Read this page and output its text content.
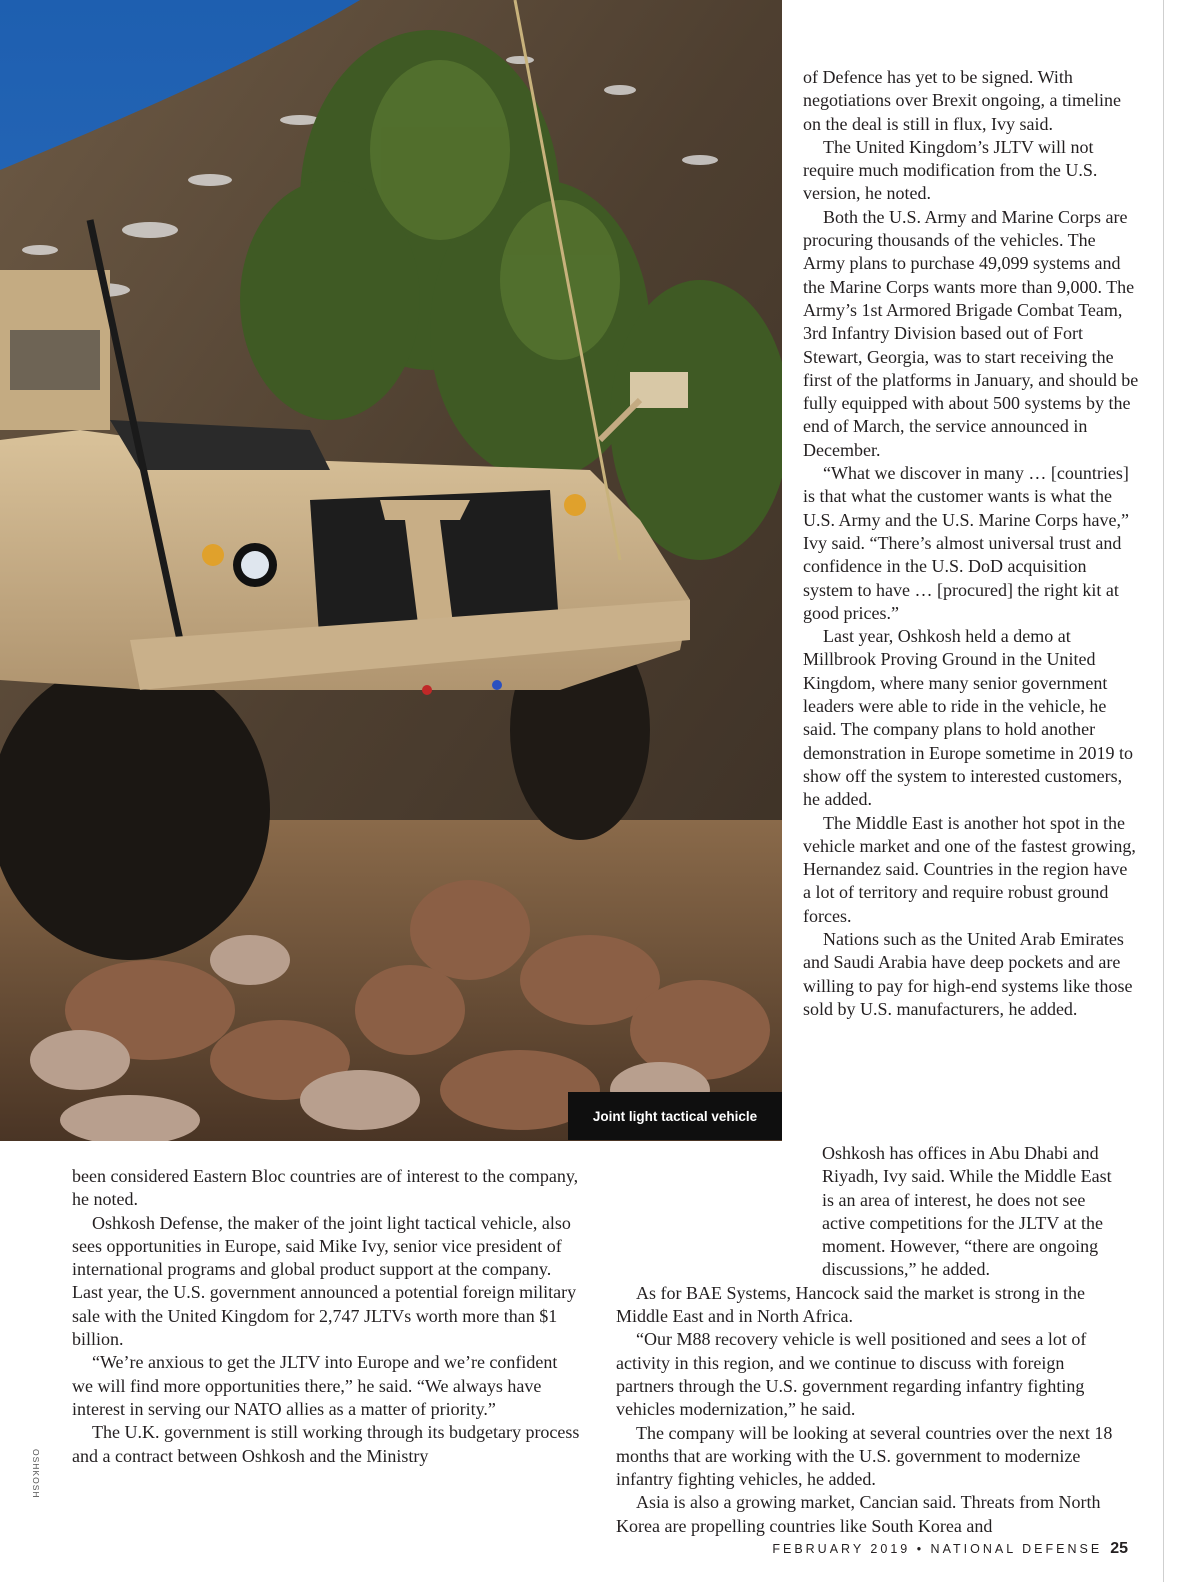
Joint light tactical vehicle
OSHKOSH

of Defence has yet to be signed. With negotiations over Brexit ongoing, a timeline on the deal is still in flux, Ivy said.

The United Kingdom’s JLTV will not require much modification from the U.S. version, he noted.

Both the U.S. Army and Marine Corps are procuring thousands of the vehicles. The Army plans to purchase 49,099 systems and the Marine Corps wants more than 9,000. The Army’s 1st Armored Brigade Combat Team, 3rd Infantry Division based out of Fort Stewart, Georgia, was to start receiving the first of the platforms in January, and should be fully equipped with about 500 systems by the end of March, the service announced in December.

“What we discover in many … [countries] is that what the customer wants is what the U.S. Army and the U.S. Marine Corps have,” Ivy said. “There’s almost universal trust and confidence in the U.S. DoD acquisition system to have … [procured] the right kit at good prices.”

Last year, Oshkosh held a demo at Millbrook Proving Ground in the United Kingdom, where many senior government leaders were able to ride in the vehicle, he said. The company plans to hold another demonstration in Europe sometime in 2019 to show off the system to interested customers, he added.

The Middle East is another hot spot in the vehicle market and one of the fastest growing, Hernandez said. Countries in the region have a lot of territory and require robust ground forces.

Nations such as the United Arab Emirates and Saudi Arabia have deep pockets and are willing to pay for high-end systems like those sold by U.S. manufacturers, he added.

been considered Eastern Bloc countries are of interest to the company, he noted.

Oshkosh Defense, the maker of the joint light tactical vehicle, also sees opportunities in Europe, said Mike Ivy, senior vice president of international programs and global product support at the company. Last year, the U.S. government announced a potential foreign military sale with the United Kingdom for 2,747 JLTVs worth more than $1 billion.

“We’re anxious to get the JLTV into Europe and we’re confident we will find more opportunities there,” he said. “We always have interest in serving our NATO allies as a matter of priority.”

The U.K. government is still working through its budgetary process and a contract between Oshkosh and the Ministry

Oshkosh has offices in Abu Dhabi and Riyadh, Ivy said. While the Middle East is an area of interest, he does not see active competitions for the JLTV at the moment. However, “there are ongoing discussions,” he added.

As for BAE Systems, Hancock said the market is strong in the Middle East and in North Africa.

“Our M88 recovery vehicle is well positioned and sees a lot of activity in this region, and we continue to discuss with foreign partners through the U.S. government regarding infantry fighting vehicles modernization,” he said.

The company will be looking at several countries over the next 18 months that are working with the U.S. government to modernize infantry fighting vehicles, he added.

Asia is also a growing market, Cancian said. Threats from North Korea are propelling countries like South Korea and

FEBRUARY 2019 • NATIONAL DEFENSE 25
